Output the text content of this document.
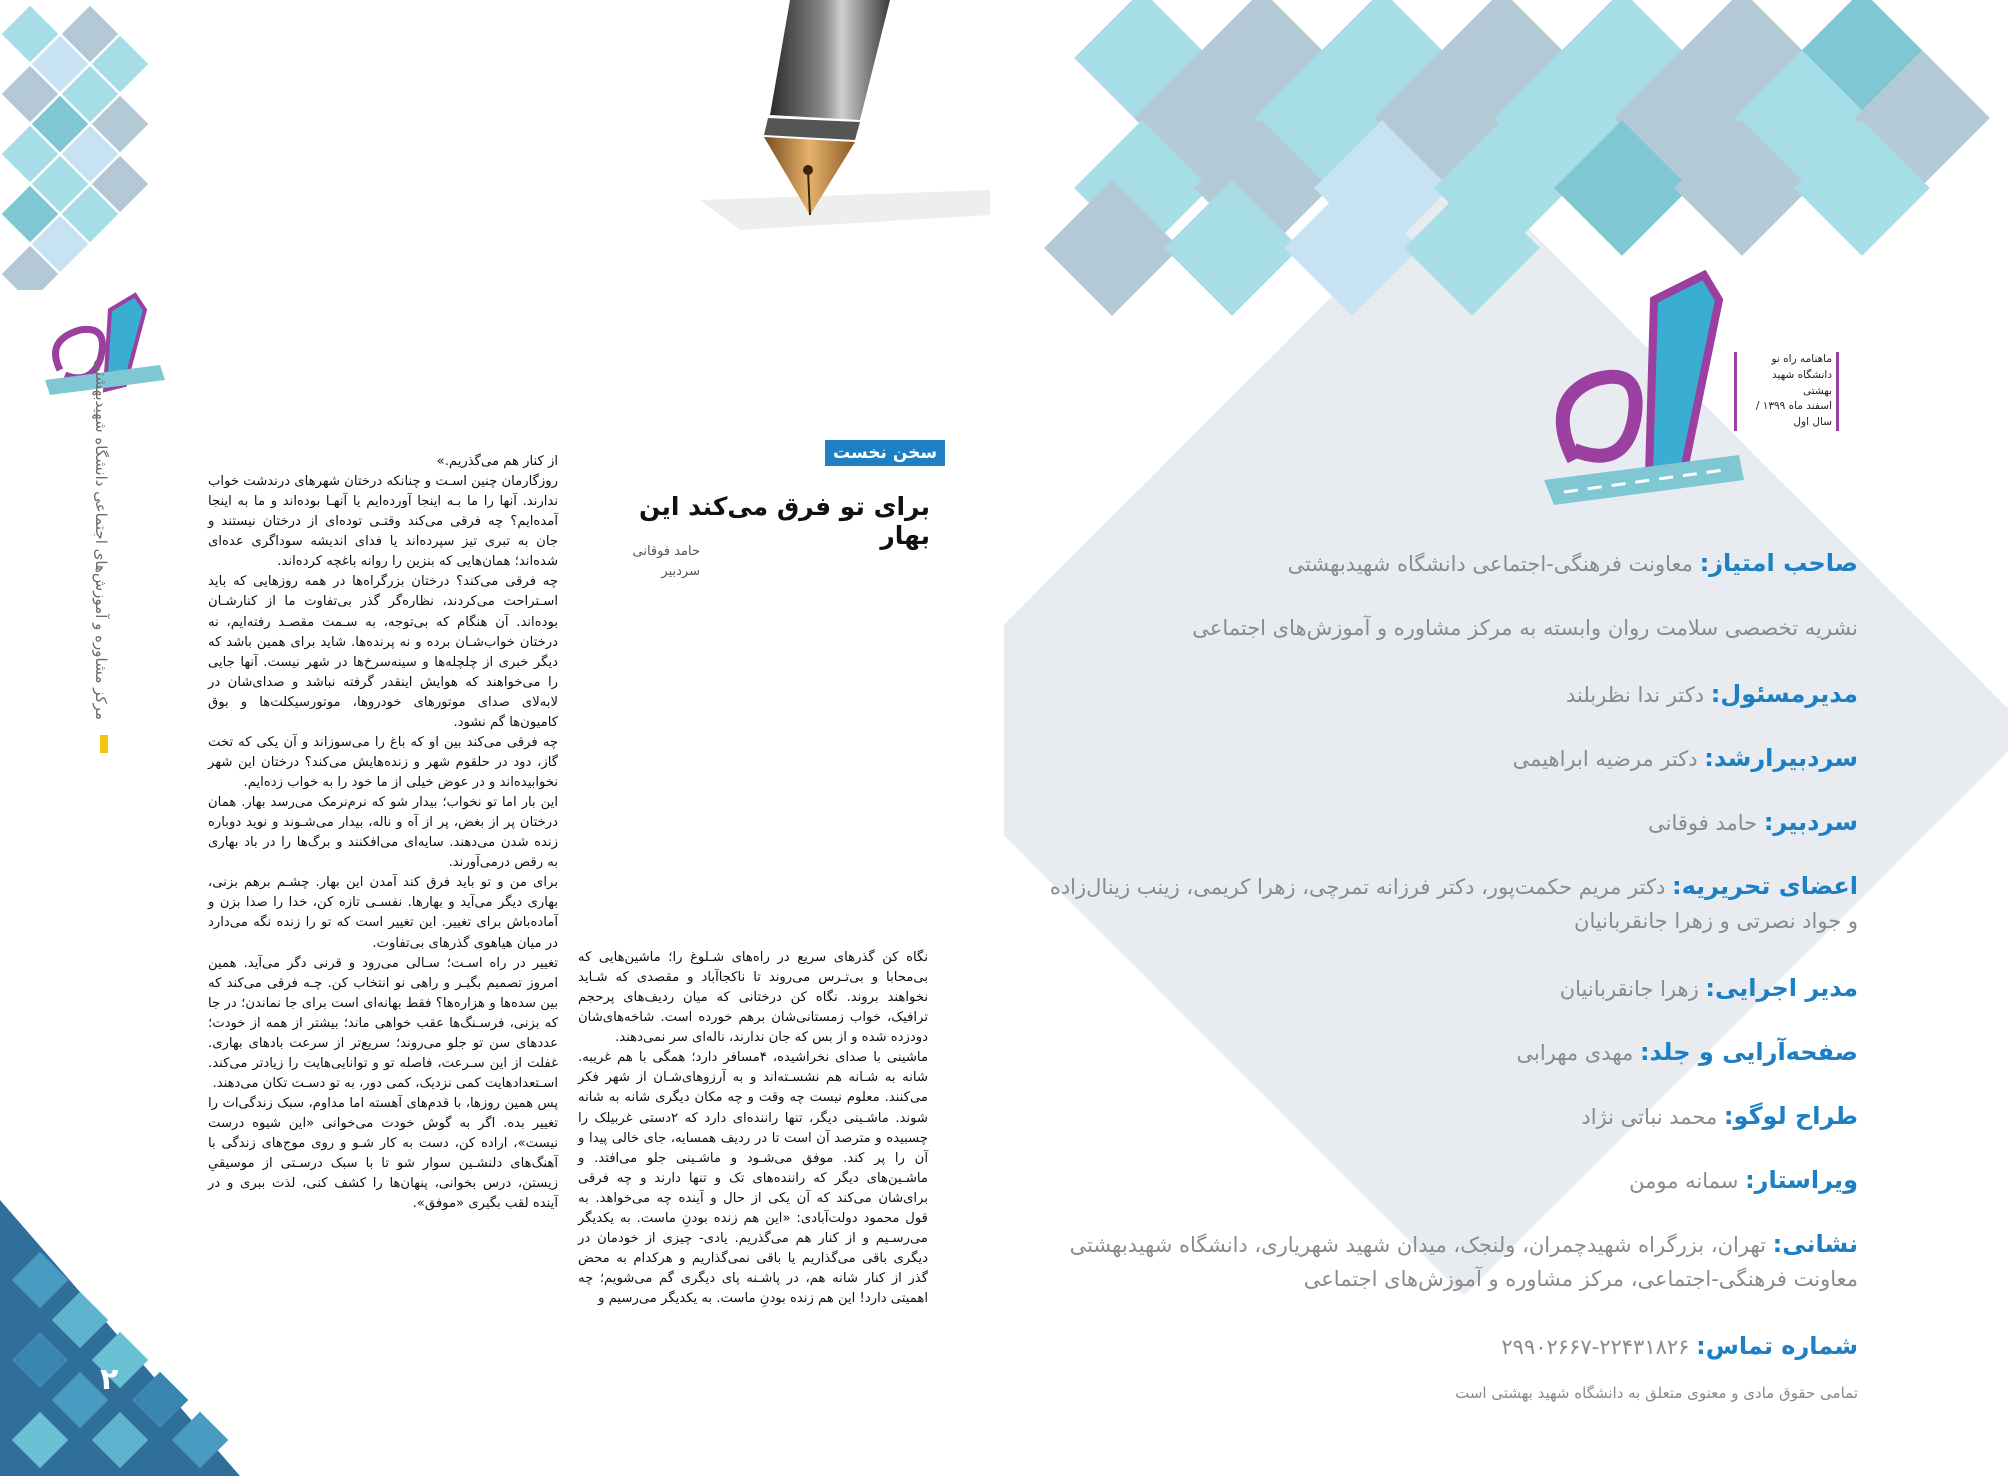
مرکز مشاوره و آموزش‌های اجتماعی دانشگاه شهیدبهشتی	سخن نخست
برای تو فرق می‌کند این بهار
حامد فوقانی
سردبیر

نگاه کن گذرهای سریع در راه‌های شـلوغ را؛ ماشین‌هایی که بی‌محابا و بی‌تـرس می‌روند تا ناکجاآباد و مقصدی که شـاید نخواهند بروند. نگاه کن درختانی که میان ردیف‌های پرحجم ترافیک، خواب زمستانی‌شان برهم خورده است. شاخه‌های‌شان دودزده شده و از بس که جان ندارند، ناله‌ای سر نمی‌دهند.

ماشینی با صدای نخراشیده، ۴مسافر دارد؛ همگی با هم غریبه. شانه به شـانه هم نشسـته‌اند و به آرزوهای‌شـان از شهر فکر می‌کنند. معلوم نیست چه وقت و چه مکان دیگری شانه به شانه شوند. ماشـینی دیگر، تنها راننده‌ای دارد که ۲دستی غربیلک را چسبیده و مترصد آن است تا در ردیف همسایه، جای خالی پیدا و آن را پر کند. موفق می‌شـود و ماشـینی جلو می‌افتد. و ماشـین‌های دیگر که راننده‌های تک و تنها دارند و چه فرقی برای‌شان می‌کند که آن یکی از حال و آینده چه می‌خواهد. به قول محمود دولت‌آبادی: «این هم زنده بودنِ ماست. به یکدیگر می‌رسـیم و از کنار هم می‌گذریم. یادی- چیزی از خودمان در دیگری باقی می‌گذاریم یا باقی نمی‌گذاریم و هرکدام به محض گذر از کنار شانه هم، در پاشـنه پای دیگری گم می‌شویم؛ چه اهمیتی دارد! این هم زنده بودنِ ماست. به یکدیگر می‌رسیم و

از کنار هم می‌گذریم.»

روزگارمان چنین اسـت و چنانکه درختان شهرهای در‌ندشت خواب ندارند. آنها را ما بـه اینجا آورده‌ایم یا آنهـا بوده‌اند و ما به اینجا آمده‌ایم؟ چه فرقی می‌کند وقتـی توده‌ای از درختان نیستند و جان به تبری تیز سپرده‌اند یا فدای اندیشه سوداگری عده‌ای شده‌اند؛ همان‌هایی که بنزین را روانه باغچه کرده‌اند.

چه فرقی می‌کند؟ درختان بزرگراه‌ها در همه روزهایی که باید اسـتراحت می‌کردند، نظاره‌گر گذر بی‌تفاوت ما از کنارشـان بوده‌اند. آن هنگام که بی‌توجه، به سـمت مقصـد رفته‌ایم، نه درختان خواب‌شـان برده و نه پرنده‌ها. شاید برای همین باشد که دیگر خبری از چلچله‌ها و سینه‌سرخ‌ها در شهر نیست. آنها جایی را می‌خواهند که هوایش اینقدر گرفته نباشد و صدای‌شان در لابه‌لای صدای موتورهای خودروها، موتورسیکلت‌ها و بوق کامیون‌ها گم نشود.

چه فرقی می‌کند بین او که باغ را می‌سوزاند و آن یکی که تخت گاز، دود در حلقوم شهر و زنده‌هایش می‌کند؟ درختان این شهر نخوابیده‌اند و در عوض خیلی از ما خود را به خواب زده‌ایم.

این بار اما تو نخواب؛ بیدار شو که نرم‌نرمک می‌رسد بهار. همان درختان پر از بغض، پر از آه و ناله، بیدار می‌شـوند و نوید دوباره زنده شدن می‌دهند. سایه‌ای می‌افکنند و برگ‌ها را در باد بهاری به رقص درمی‌آورند.

برای من و تو باید فرق کند آمدن این بهار. چشـم برهم بزنی، بهاری دیگر می‌آید و بهارها. نفسـی تازه کن، خدا را صدا بزن و آماده‌باش برای تغییر. این تغییر است که تو را زنده نگه می‌دارد در میان هیاهوی گذرهای بی‌تفاوت.

تغییر در راه اسـت؛ سـالی می‌رود و قرنی دگر می‌آید. همین امروز تصمیم بگیـر و راهی نو انتخاب کن. چـه فرقی می‌کند که بین سده‌ها و هزاره‌ها؟ فقط بهانه‌ای است برای جا نماندن؛ در جا که بزنی، فرسـنگ‌ها عقب خواهی ماند؛ بیشتر از همه از خودت؛ عددهای سن تو جلو می‌روند؛ سریع‌تر از سرعت بادهای بهاری. غفلت از این سـرعت، فاصله تو و توانایی‌هایت را زیادتر می‌کند. اسـتعدادهایت کمی نزدیک، کمی دور، به تو دسـت تکان می‌دهند.

پس همین روزها، با قدم‌های آهسته اما مداوم، سبک زندگی‌ات را تغییر بده. اگر به گوش خودت می‌خوانی «این شیوه درست نیست»، اراده کن، دست به کار شـو و روی موج‌های زندگی با آهنگ‌های دلنشـین سوار شو تا با سبک درسـتی از موسیقیِ زیستن، درس بخوانی، پنهان‌ها را کشف کنی، لذت ببری و در آینده لقب بگیری «موفق».

۲
ماهنامه راه نو
دانشگاه شهید بهشتی
اسفند ماه ۱۳۹۹ / سال اول
صاحب امتیاز: معاونت فرهنگی-اجتماعی دانشگاه شهیدبهشتی
نشریه تخصصی سلامت روان وابسته به مرکز مشاوره و آموزش‌های اجتماعی
مدیرمسئول: دکتر ندا نظربلند
سردبیرارشد: دکتر مرضیه ابراهیمی
سردبیر: حامد فوقانی
اعضای تحریریه: دکتر مریم حکمت‌پور، دکتر فرزانه تمرچی، زهرا کریمی، زینب زینال‌زاده و جواد نصرتی و زهرا جانقربانیان
مدیر اجرایی: زهرا جانقربانیان
صفحه‌آرایی و جلد: مهدی مهرابی
طراح لوگو: محمد نباتی نژاد
ویراستار: سمانه مومن
نشانی: تهران، بزرگراه شهیدچمران، ولنجک، میدان شهید شهریاری، دانشگاه شهیدبهشتی معاونت فرهنگی-اجتماعی، مرکز مشاوره و آموزش‌های اجتماعی
شماره تماس: ۲۲۴۳۱۸۲۶-۲۹۹۰۲۶۶۷
تمامی حقوق مادی و معنوی متعلق به دانشگاه شهید بهشتی است
